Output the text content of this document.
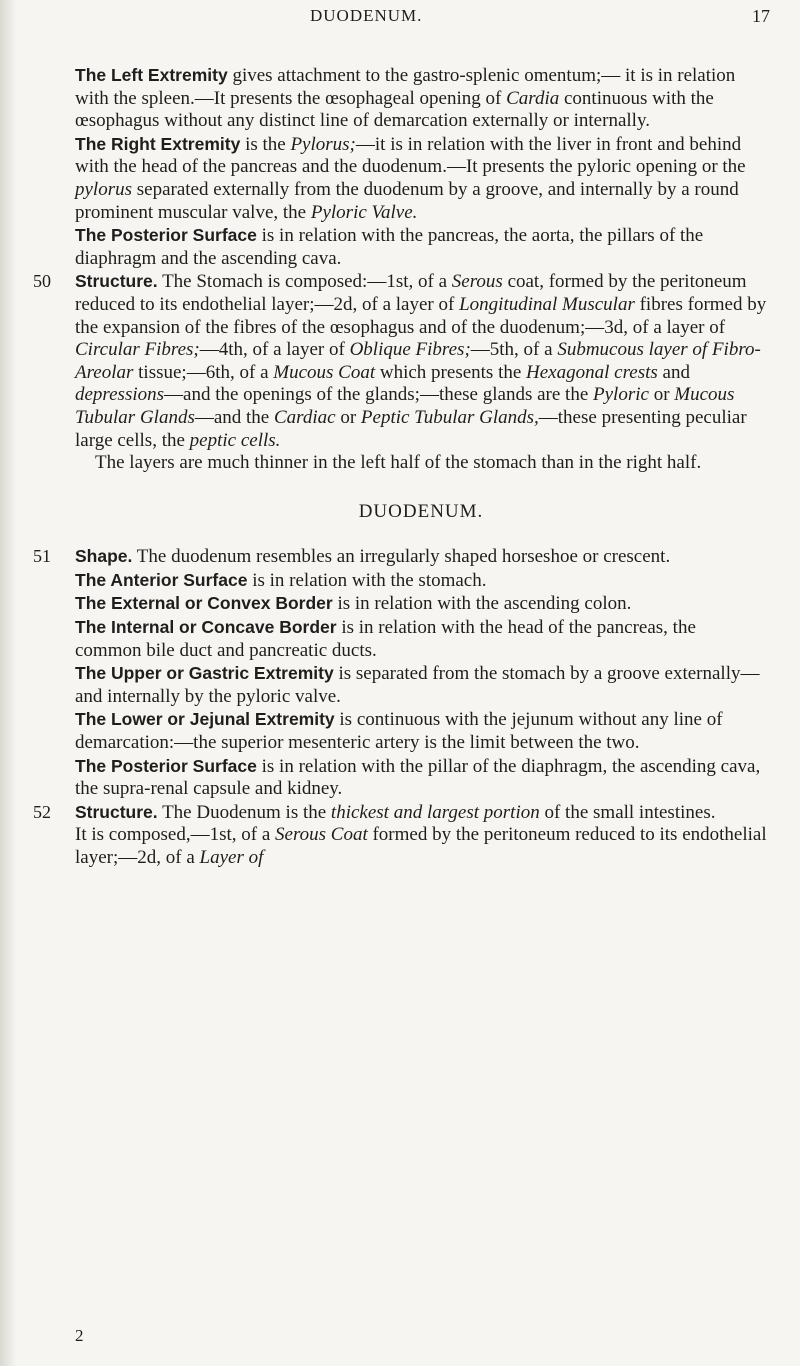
DUODENUM.	17

The Left Extremity gives attachment to the gastro-splenic omentum;— it is in relation with the spleen.—It presents the œsophageal opening of Cardia continuous with the œsophagus without any distinct line of demarcation externally or internally.

The Right Extremity is the Pylorus;—it is in relation with the liver in front and behind with the head of the pancreas and the duodenum.—It presents the pyloric opening or the pylorus separated externally from the duodenum by a groove, and internally by a round prominent muscular valve, the Pyloric Valve.

The Posterior Surface is in relation with the pancreas, the aorta, the pillars of the diaphragm and the ascending cava.

50 Structure. The Stomach is composed:—1st, of a Serous coat, formed by the peritoneum reduced to its endothelial layer;—2d, of a layer of Longitudinal Muscular fibres formed by the expansion of the fibres of the œsophagus and of the duodenum;—3d, of a layer of Circular Fibres;—4th, of a layer of Oblique Fibres;—5th, of a Submucous layer of Fibro-Areolar tissue;—6th, of a Mucous Coat which presents the Hexagonal crests and depressions—and the openings of the glands;—these glands are the Pyloric or Mucous Tubular Glands—and the Cardiac or Peptic Tubular Glands,—these presenting peculiar large cells, the peptic cells.

The layers are much thinner in the left half of the stomach than in the right half.

DUODENUM.

51 Shape. The duodenum resembles an irregularly shaped horseshoe or crescent.

The Anterior Surface is in relation with the stomach.

The External or Convex Border is in relation with the ascending colon.

The Internal or Concave Border is in relation with the head of the pancreas, the common bile duct and pancreatic ducts.

The Upper or Gastric Extremity is separated from the stomach by a groove externally—and internally by the pyloric valve.

The Lower or Jejunal Extremity is continuous with the jejunum without any line of demarcation:—the superior mesenteric artery is the limit between the two.

The Posterior Surface is in relation with the pillar of the diaphragm, the ascending cava, the supra-renal capsule and kidney.

52 Structure. The Duodenum is the thickest and largest portion of the small intestines.

It is composed,—1st, of a Serous Coat formed by the peritoneum reduced to its endothelial layer;—2d, of a Layer of

2
